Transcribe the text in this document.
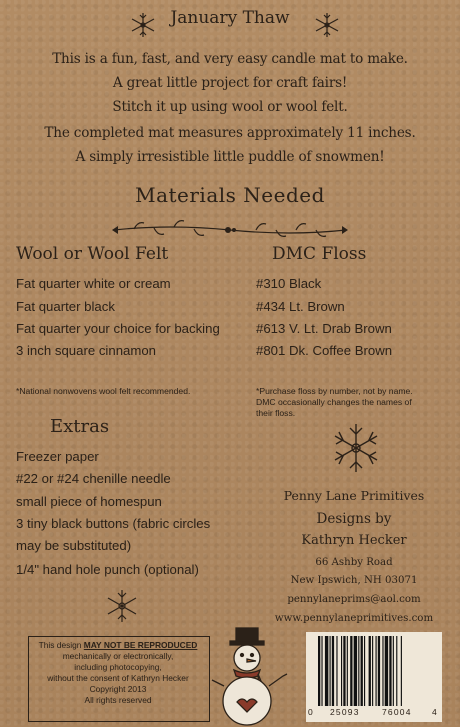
January Thaw
This is a fun, fast, and very easy candle mat to make.
A great little project for craft fairs!
Stitch it up using wool or wool felt.
The completed mat measures approximately 11 inches.
A simply irresistible little puddle of snowmen!
Materials Needed
Wool or Wool Felt
Fat quarter white or cream
Fat quarter black
Fat quarter your choice for backing
3 inch square cinnamon
*National nonwovens wool felt recommended.
DMC Floss
#310 Black
#434 Lt. Brown
#613 V. Lt. Drab Brown
#801 Dk. Coffee Brown
*Purchase floss by number, not by name.
DMC occasionally changes the names of
their floss.
Extras
Freezer paper
#22 or #24 chenille needle
small piece of homespun
3 tiny black buttons (fabric circles
may be substituted)
1/4" hand hole punch (optional)
Penny Lane Primitives
Designs by
Kathryn Hecker
66 Ashby Road
New Ipswich, NH 03071
pennylaneprims@aol.com
www.pennylaneprimitives.com
This design MAY NOT BE REPRODUCED
mechanically or electronically,
including photocopying,
without the consent of Kathryn Hecker
Copyright 2013
All rights reserved
0 25093	76004 4
